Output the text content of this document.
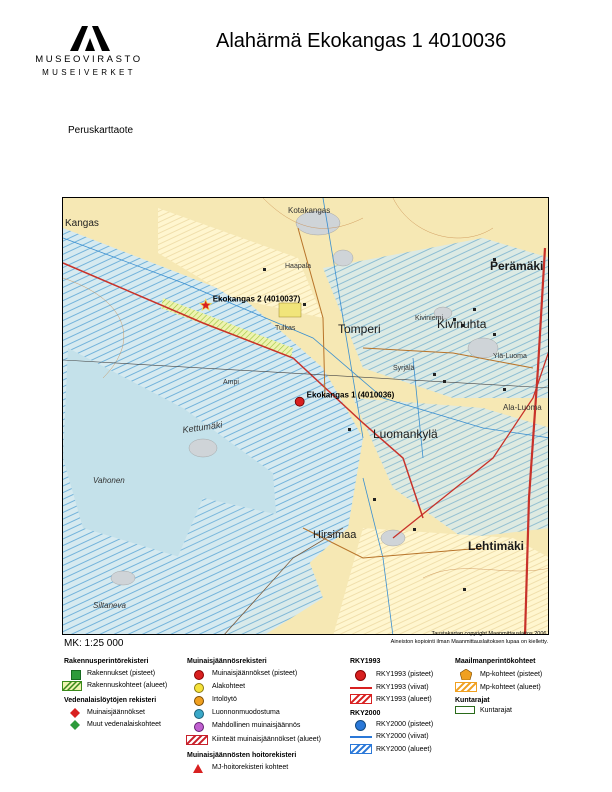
MUSEOVIRASTO
MUSEIVERKET
Alahärmä Ekokangas 1 4010036
Peruskarttaote
Kangas
Perämäki
Tomperi	Kivinuhta
Luomankylä
Lehtimäki
Kotakangas
Haapala
Hirsimaa
Kettumäki
Vahonen
Siltaneva
Ala-Luoma
Ylä-Luoma
Kiviniemi
Syrjälä
Tulkas
Ampi
Ekokangas 2 (4010037)
Ekokangas 1 (4010036)
MK: 1:25 000
Taustakartan copyright Maanmittauslaitos 2006.
Aineiston kopiointi ilman Maanmittauslaitoksen lupaa on kielletty.
Rakennusperintörekisteri
Rakennukset (pisteet)
Rakennuskohteet (alueet)
Vedenalaislöytöjen rekisteri
Muinaisjäännökset
Muut vedenalaiskohteet
Muinaisjäännösrekisteri
Muinaisjäännökset (pisteet)
Alakohteet
Irtolöytö
Luonnonmuodostuma
Mahdollinen muinaisjäännös
Kiinteät muinaisjäännökset (alueet)
Muinaisjäännösten hoitorekisteri
MJ-hoitorekisteri kohteet
RKY1993
RKY1993 (pisteet)
RKY1993 (viivat)
RKY1993 (alueet)
RKY2000
RKY2000 (pisteet)
RKY2000 (viivat)
RKY2000 (alueet)
Maailmanperintökohteet
Mp-kohteet (pisteet)
Mp-kohteet (alueet)
Kuntarajat
Kuntarajat
